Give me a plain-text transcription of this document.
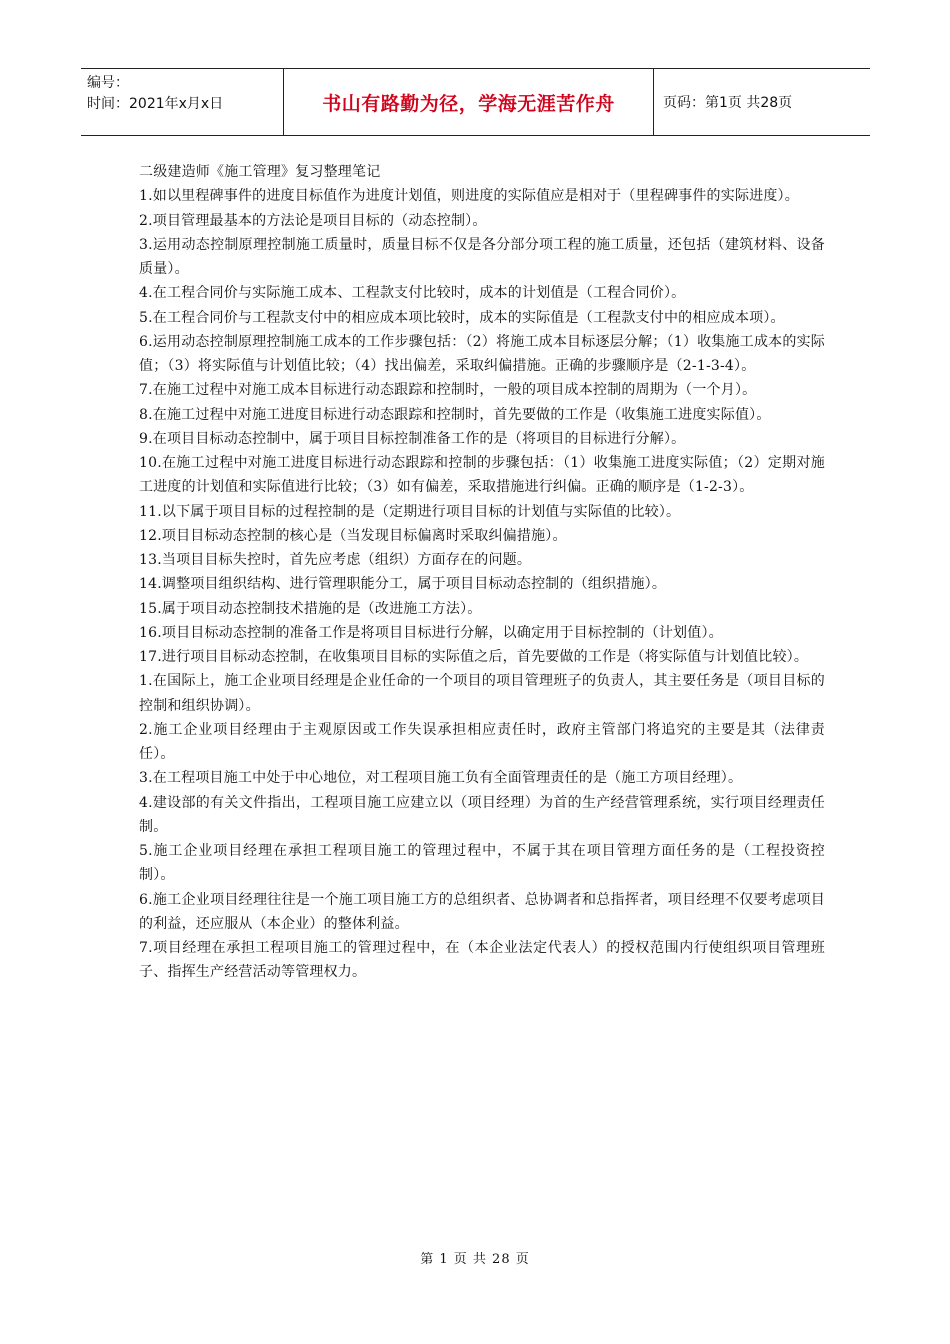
编号：
时间：2021年x月x日	书山有路勤为径，学海无涯苦作舟	页码：第1页 共28页

二级建造师《施工管理》复习整理笔记

1.如以里程碑事件的进度目标值作为进度计划值，则进度的实际值应是相对于（里程碑事件的实际进度）。

2.项目管理最基本的方法论是项目目标的（动态控制）。

3.运用动态控制原理控制施工质量时，质量目标不仅是各分部分项工程的施工质量，还包括（建筑材料、设备质量）。

4.在工程合同价与实际施工成本、工程款支付比较时，成本的计划值是（工程合同价）。

5.在工程合同价与工程款支付中的相应成本项比较时，成本的实际值是（工程款支付中的相应成本项）。

6.运用动态控制原理控制施工成本的工作步骤包括：（2）将施工成本目标逐层分解；（1）收集施工成本的实际值；（3）将实际值与计划值比较；（4）找出偏差，采取纠偏措施。正确的步骤顺序是（2-1-3-4）。

7.在施工过程中对施工成本目标进行动态跟踪和控制时，一般的项目成本控制的周期为（一个月）。

8.在施工过程中对施工进度目标进行动态跟踪和控制时，首先要做的工作是（收集施工进度实际值）。

9.在项目目标动态控制中，属于项目目标控制准备工作的是（将项目的目标进行分解）。

10.在施工过程中对施工进度目标进行动态跟踪和控制的步骤包括：（1）收集施工进度实际值；（2）定期对施工进度的计划值和实际值进行比较；（3）如有偏差，采取措施进行纠偏。正确的顺序是（1-2-3）。

11.以下属于项目目标的过程控制的是（定期进行项目目标的计划值与实际值的比较）。

12.项目目标动态控制的核心是（当发现目标偏离时采取纠偏措施）。

13.当项目目标失控时，首先应考虑（组织）方面存在的问题。

14.调整项目组织结构、进行管理职能分工，属于项目目标动态控制的（组织措施）。

15.属于项目动态控制技术措施的是（改进施工方法）。

16.项目目标动态控制的准备工作是将项目目标进行分解，以确定用于目标控制的（计划值）。

17.进行项目目标动态控制，在收集项目目标的实际值之后，首先要做的工作是（将实际值与计划值比较）。

1.在国际上，施工企业项目经理是企业任命的一个项目的项目管理班子的负责人，其主要任务是（项目目标的控制和组织协调）。

2.施工企业项目经理由于主观原因或工作失误承担相应责任时，政府主管部门将追究的主要是其（法律责任）。

3.在工程项目施工中处于中心地位，对工程项目施工负有全面管理责任的是（施工方项目经理）。

4.建设部的有关文件指出，工程项目施工应建立以（项目经理）为首的生产经营管理系统，实行项目经理责任制。

5.施工企业项目经理在承担工程项目施工的管理过程中，不属于其在项目管理方面任务的是（工程投资控制）。

6.施工企业项目经理往往是一个施工项目施工方的总组织者、总协调者和总指挥者，项目经理不仅要考虑项目的利益，还应服从（本企业）的整体利益。

7.项目经理在承担工程项目施工的管理过程中，在（本企业法定代表人）的授权范围内行使组织项目管理班子、指挥生产经营活动等管理权力。

第 1 页 共 28 页
